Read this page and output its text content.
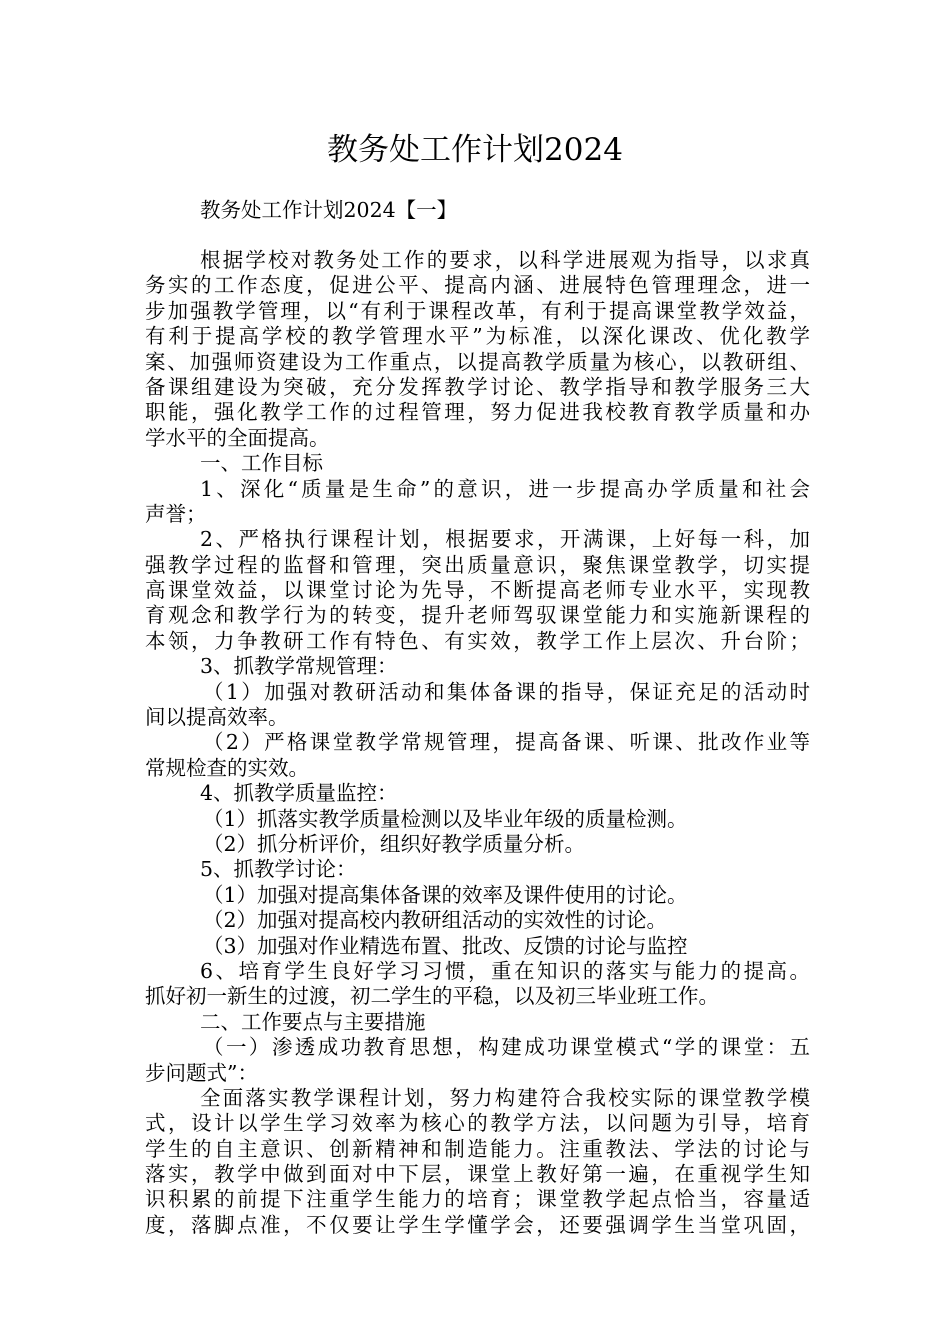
教务处工作计划2024
教务处工作计划2024【一】
根据学校对教务处工作的要求，以科学进展观为指导，以求真
务实的工作态度，促进公平、提高内涵、进展特色管理理念，进一
步加强教学管理，以“有利于课程改革，有利于提高课堂教学效益，
有利于提高学校的教学管理水平”为标准，以深化课改、优化教学
案、加强师资建设为工作重点，以提高教学质量为核心，以教研组、
备课组建设为突破，充分发挥教学讨论、教学指导和教学服务三大
职能，强化教学工作的过程管理，努力促进我校教育教学质量和办
学水平的全面提高。
一、工作目标
1、深化“质量是生命”的意识，进一步提高办学质量和社会
声誉；
2、严格执行课程计划，根据要求，开满课，上好每一科，加
强教学过程的监督和管理，突出质量意识，聚焦课堂教学，切实提
高课堂效益，以课堂讨论为先导，不断提高老师专业水平，实现教
育观念和教学行为的转变，提升老师驾驭课堂能力和实施新课程的
本领，力争教研工作有特色、有实效，教学工作上层次、升台阶；
3、抓教学常规管理：
（1）加强对教研活动和集体备课的指导，保证充足的活动时
间以提高效率。
（2）严格课堂教学常规管理，提高备课、听课、批改作业等
常规检查的实效。
4、抓教学质量监控：
（1）抓落实教学质量检测以及毕业年级的质量检测。
（2）抓分析评价，组织好教学质量分析。
5、抓教学讨论：
（1）加强对提高集体备课的效率及课件使用的讨论。
（2）加强对提高校内教研组活动的实效性的讨论。
（3）加强对作业精选布置、批改、反馈的讨论与监控
6、培育学生良好学习习惯，重在知识的落实与能力的提高。
抓好初一新生的过渡，初二学生的平稳，以及初三毕业班工作。
二、工作要点与主要措施
（一）渗透成功教育思想，构建成功课堂模式“学的课堂：五
步问题式”：
全面落实教学课程计划，努力构建符合我校实际的课堂教学模
式，设计以学生学习效率为核心的教学方法，以问题为引导，培育
学生的自主意识、创新精神和制造能力。注重教法、学法的讨论与
落实，教学中做到面对中下层，课堂上教好第一遍，在重视学生知
识积累的前提下注重学生能力的培育；课堂教学起点恰当，容量适
度，落脚点准，不仅要让学生学懂学会，还要强调学生当堂巩固，
